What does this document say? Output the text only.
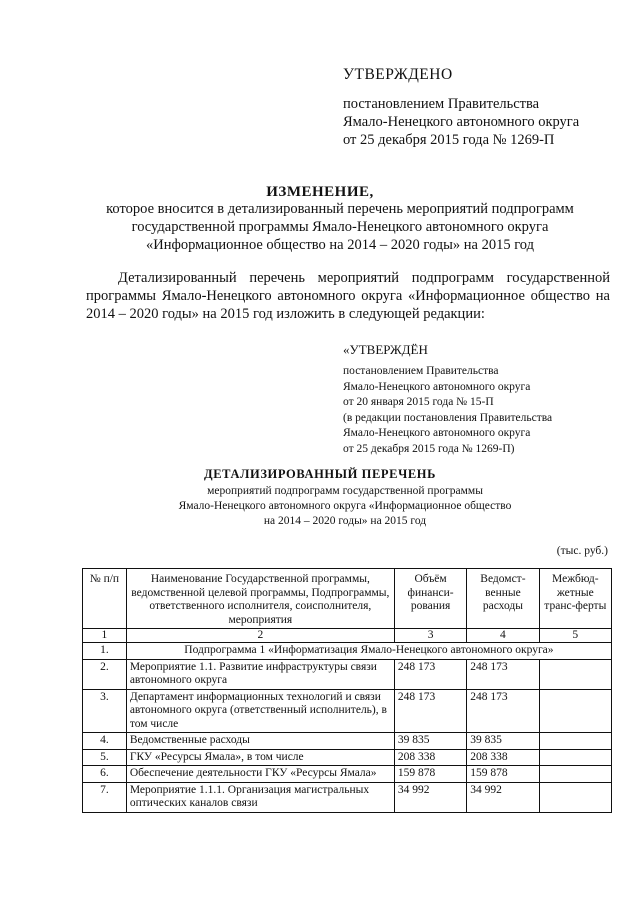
УТВЕРЖДЕНО
постановлением Правительства
Ямало-Ненецкого автономного округа
от 25 декабря 2015 года № 1269-П
ИЗМЕНЕНИЕ,
которое вносится в детализированный перечень мероприятий подпрограмм
государственной программы Ямало-Ненецкого автономного округа
«Информационное общество на 2014 – 2020 годы» на 2015 год
Детализированный перечень мероприятий подпрограмм государственной
программы Ямало-Ненецкого автономного округа «Информационное общество на
2014 – 2020 годы» на 2015 год изложить в следующей редакции:
«УТВЕРЖДЁН
постановлением Правительства
Ямало-Ненецкого автономного округа
от 20 января 2015 года № 15-П
(в редакции постановления Правительства
Ямало-Ненецкого автономного округа
от 25 декабря 2015 года № 1269-П)
ДЕТАЛИЗИРОВАННЫЙ ПЕРЕЧЕНЬ
мероприятий подпрограмм государственной программы
Ямало-Ненецкого автономного округа «Информационное общество
на 2014 – 2020 годы» на 2015 год
(тыс. руб.)
№ п/п	Наименование Государственной программы, ведомственной целевой программы, Подпрограммы, ответственного исполнителя, соисполнителя, мероприятия	Объём финанси-рования	Ведомст-венные расходы	Межбюд-жетные транс-ферты
1	2	3	4	5
1.	Подпрограмма 1 «Информатизация Ямало-Ненецкого автономного округа»			
2.	Мероприятие 1.1. Развитие инфраструктуры связи автономного округа	248 173	248 173	
3.	Департамент информационных технологий и связи автономного округа (ответственный исполнитель), в том числе	248 173	248 173	
4.	Ведомственные расходы	39 835	39 835	
5.	ГКУ «Ресурсы Ямала», в том числе	208 338	208 338	
6.	Обеспечение деятельности ГКУ «Ресурсы Ямала»	159 878	159 878	
7.	Мероприятие 1.1.1. Организация магистральных оптических каналов связи	34 992	34 992	
